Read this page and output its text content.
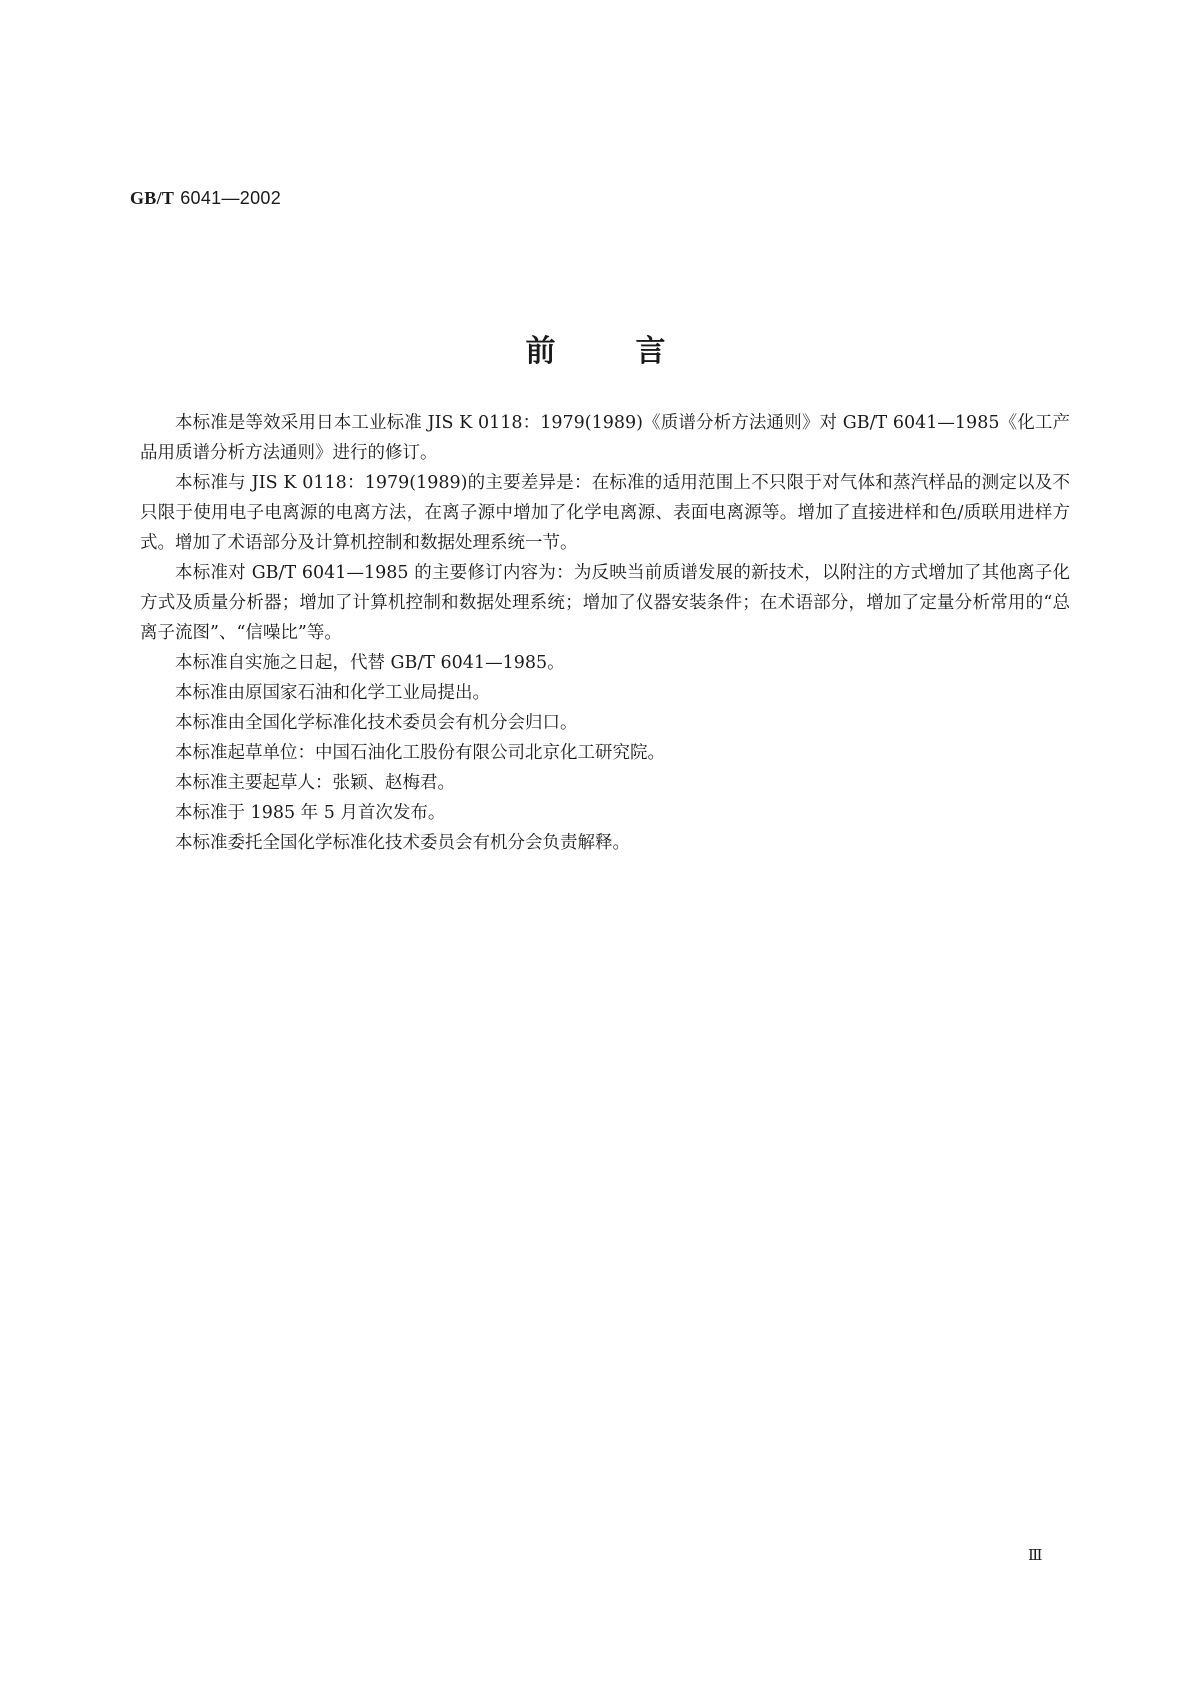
GB/T 6041—2002
前言

本标准是等效采用日本工业标准 JIS K 0118：1979(1989)《质谱分析方法通则》对 GB/T 6041—1985《化工产品用质谱分析方法通则》进行的修订。

本标准与 JIS K 0118：1979(1989)的主要差异是：在标准的适用范围上不只限于对气体和蒸汽样品的测定以及不只限于使用电子电离源的电离方法，在离子源中增加了化学电离源、表面电离源等。增加了直接进样和色/质联用进样方式。增加了术语部分及计算机控制和数据处理系统一节。

本标准对 GB/T 6041—1985 的主要修订内容为：为反映当前质谱发展的新技术，以附注的方式增加了其他离子化方式及质量分析器；增加了计算机控制和数据处理系统；增加了仪器安装条件；在术语部分，增加了定量分析常用的“总离子流图”、“信噪比”等。

本标准自实施之日起，代替 GB/T 6041—1985。

本标准由原国家石油和化学工业局提出。

本标准由全国化学标准化技术委员会有机分会归口。

本标准起草单位：中国石油化工股份有限公司北京化工研究院。

本标准主要起草人：张颖、赵梅君。

本标准于 1985 年 5 月首次发布。

本标准委托全国化学标准化技术委员会有机分会负责解释。

Ⅲ
